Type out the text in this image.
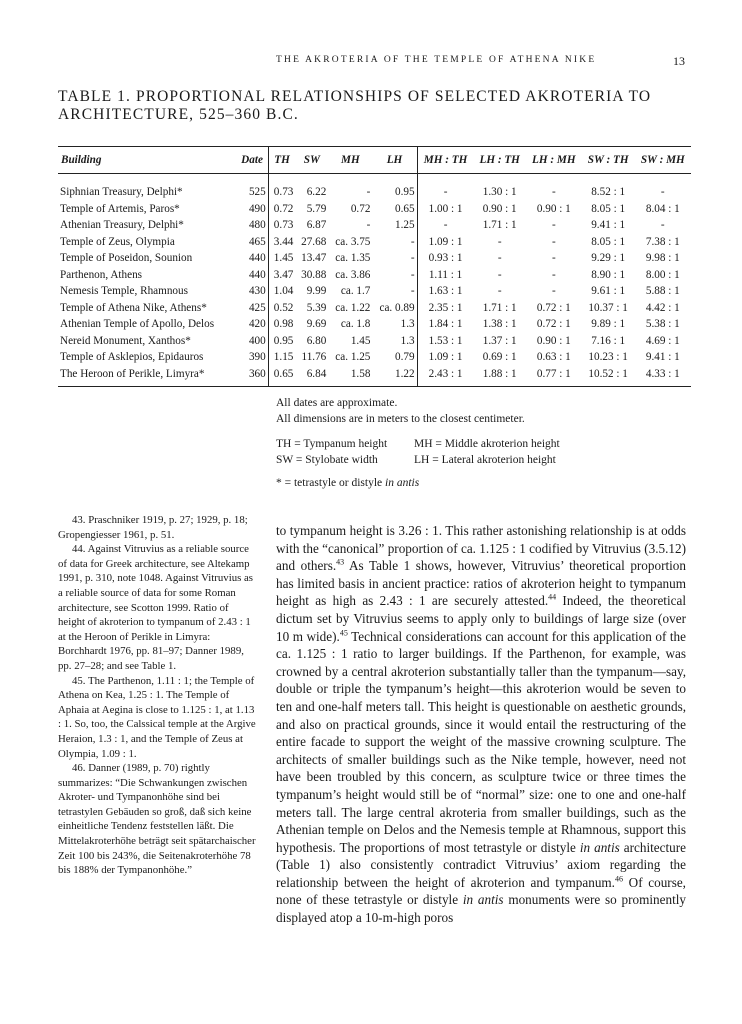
THE AKROTERIA OF THE TEMPLE OF ATHENA NIKE	13
TABLE 1. PROPORTIONAL RELATIONSHIPS OF SELECTED AKROTERIA TO ARCHITECTURE, 525–360 B.C.
Building	Date	TH	SW	MH	LH	MH : TH	LH : TH	LH : MH	SW : TH	SW : MH
Siphnian Treasury, Delphi*	525	0.73	6.22	-	0.95	-	1.30 : 1	-	8.52 : 1	-
Temple of Artemis, Paros*	490	0.72	5.79	0.72	0.65	1.00 : 1	0.90 : 1	0.90 : 1	8.05 : 1	8.04 : 1
Athenian Treasury, Delphi*	480	0.73	6.87	-	1.25	-	1.71 : 1	-	9.41 : 1	-
Temple of Zeus, Olympia	465	3.44	27.68	ca. 3.75	-	1.09 : 1	-	-	8.05 : 1	7.38 : 1
Temple of Poseidon, Sounion	440	1.45	13.47	ca. 1.35	-	0.93 : 1	-	-	9.29 : 1	9.98 : 1
Parthenon, Athens	440	3.47	30.88	ca. 3.86	-	1.11 : 1	-	-	8.90 : 1	8.00 : 1
Nemesis Temple, Rhamnous	430	1.04	9.99	ca. 1.7	-	1.63 : 1	-	-	9.61 : 1	5.88 : 1
Temple of Athena Nike, Athens*	425	0.52	5.39	ca. 1.22	ca. 0.89	2.35 : 1	1.71 : 1	0.72 : 1	10.37 : 1	4.42 : 1
Athenian Temple of Apollo, Delos	420	0.98	9.69	ca. 1.8	1.3	1.84 : 1	1.38 : 1	0.72 : 1	9.89 : 1	5.38 : 1
Nereid Monument, Xanthos*	400	0.95	6.80	1.45	1.3	1.53 : 1	1.37 : 1	0.90 : 1	7.16 : 1	4.69 : 1
Temple of Asklepios, Epidauros	390	1.15	11.76	ca. 1.25	0.79	1.09 : 1	0.69 : 1	0.63 : 1	10.23 : 1	9.41 : 1
The Heroon of Perikle, Limyra*	360	0.65	6.84	1.58	1.22	2.43 : 1	1.88 : 1	0.77 : 1	10.52 : 1	4.33 : 1
All dates are approximate.
All dimensions are in meters to the closest centimeter.
TH = Tympanum height MH = Middle akroterion height
SW = Stylobate width	LH = Lateral akroterion height
* = tetrastyle or distyle in antis

43. Praschniker 1919, p. 27; 1929, p. 18; Gropengiesser 1961, p. 51.

44. Against Vitruvius as a reliable source of data for Greek architecture, see Altekamp 1991, p. 310, note 1048. Against Vitruvius as a reliable source of data for some Roman architecture, see Scotton 1999. Ratio of height of akroterion to tympanum of 2.43 : 1 at the Heroon of Perikle in Limyra: Borchhardt 1976, pp. 81–97; Danner 1989, pp. 27–28; and see Table 1.

45. The Parthenon, 1.11 : 1; the Temple of Athena on Kea, 1.25 : 1. The Temple of Aphaia at Aegina is close to 1.125 : 1, at 1.13 : 1. So, too, the Calssical temple at the Argive Heraion, 1.3 : 1, and the Temple of Zeus at Olympia, 1.09 : 1.

46. Danner (1989, p. 70) rightly summarizes: “Die Schwankungen zwischen Akroter- und Tympanonhöhe sind bei tetrastylen Gebäuden so groß, daß sich keine einheitliche Tendenz feststellen läßt. Die Mittelakroterhöhe beträgt seit spätarchaischer Zeit 100 bis 243%, die Seitenakroterhöhe 78 bis 188% der Tympanonhöhe.”

to tympanum height is 3.26 : 1. This rather astonishing relationship is at odds with the “canonical” proportion of ca. 1.125 : 1 codified by Vitruvius (3.5.12) and others.$^{43}$ As Table 1 shows, however, Vitruvius’ theoretical proportion has limited basis in ancient practice: ratios of akroterion height to tympanum height as high as 2.43 : 1 are securely attested.$^{44}$ Indeed, the theoretical dictum set by Vitruvius seems to apply only to buildings of large size (over 10 m wide).$^{45}$ Technical considerations can account for this application of the ca. 1.125 : 1 ratio to larger buildings. If the Parthenon, for example, was crowned by a central akroterion substantially taller than the tympanum—say, double or triple the tympanum’s height—this akroterion would be seven to ten and one-half meters tall. This height is questionable on aesthetic grounds, and also on practical grounds, since it would entail the restructuring of the entire facade to support the weight of the massive crowning sculpture. The architects of smaller buildings such as the Nike temple, however, need not have been troubled by this concern, as sculpture twice or three times the tympanum’s height would still be of “normal” size: one to one and one-half meters tall. The large central akroteria from smaller buildings, such as the Athenian temple on Delos and the Nemesis temple at Rhamnous, support this hypothesis. The proportions of most tetrastyle or distyle in antis architecture (Table 1) also consistently contradict Vitruvius’ axiom regarding the relationship between the height of akroterion and tympanum.$^{46}$ Of course, none of these tetrastyle or distyle in antis monuments were so prominently displayed atop a 10-m-high poros
